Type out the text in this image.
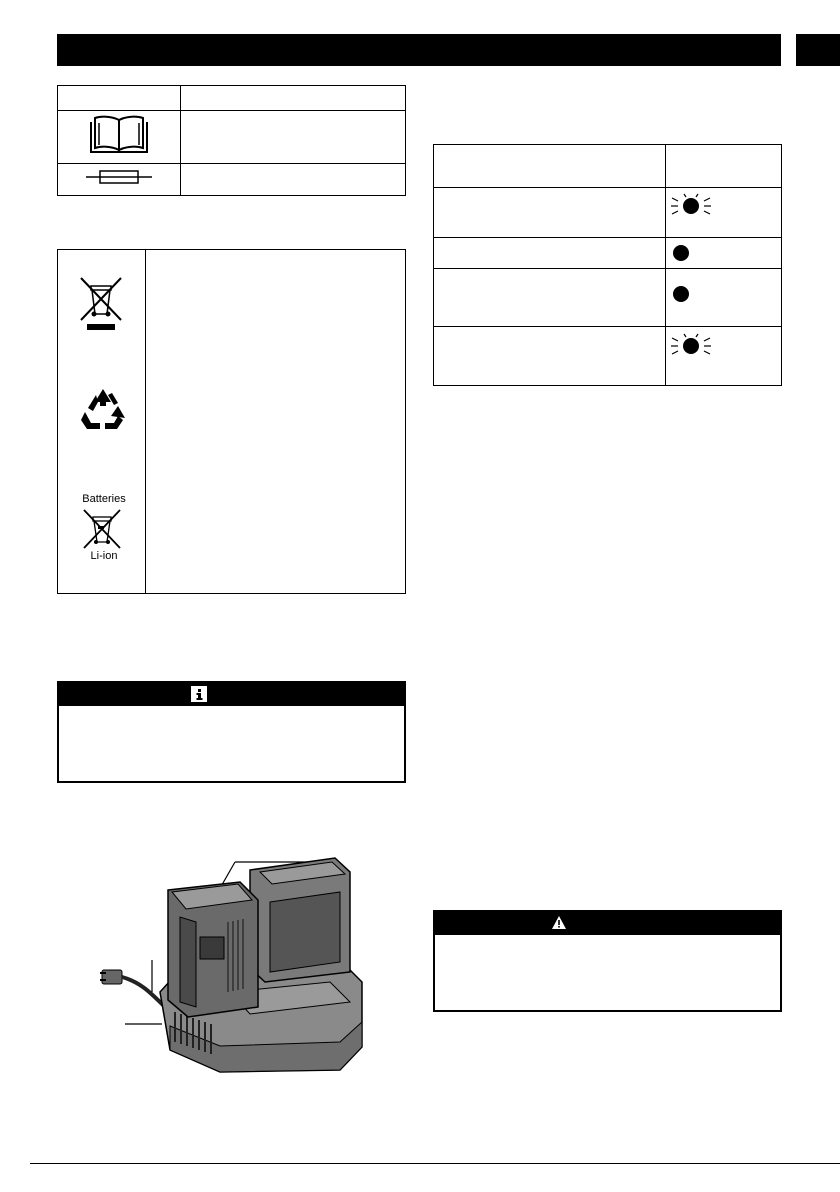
Batteries
Li-ion
